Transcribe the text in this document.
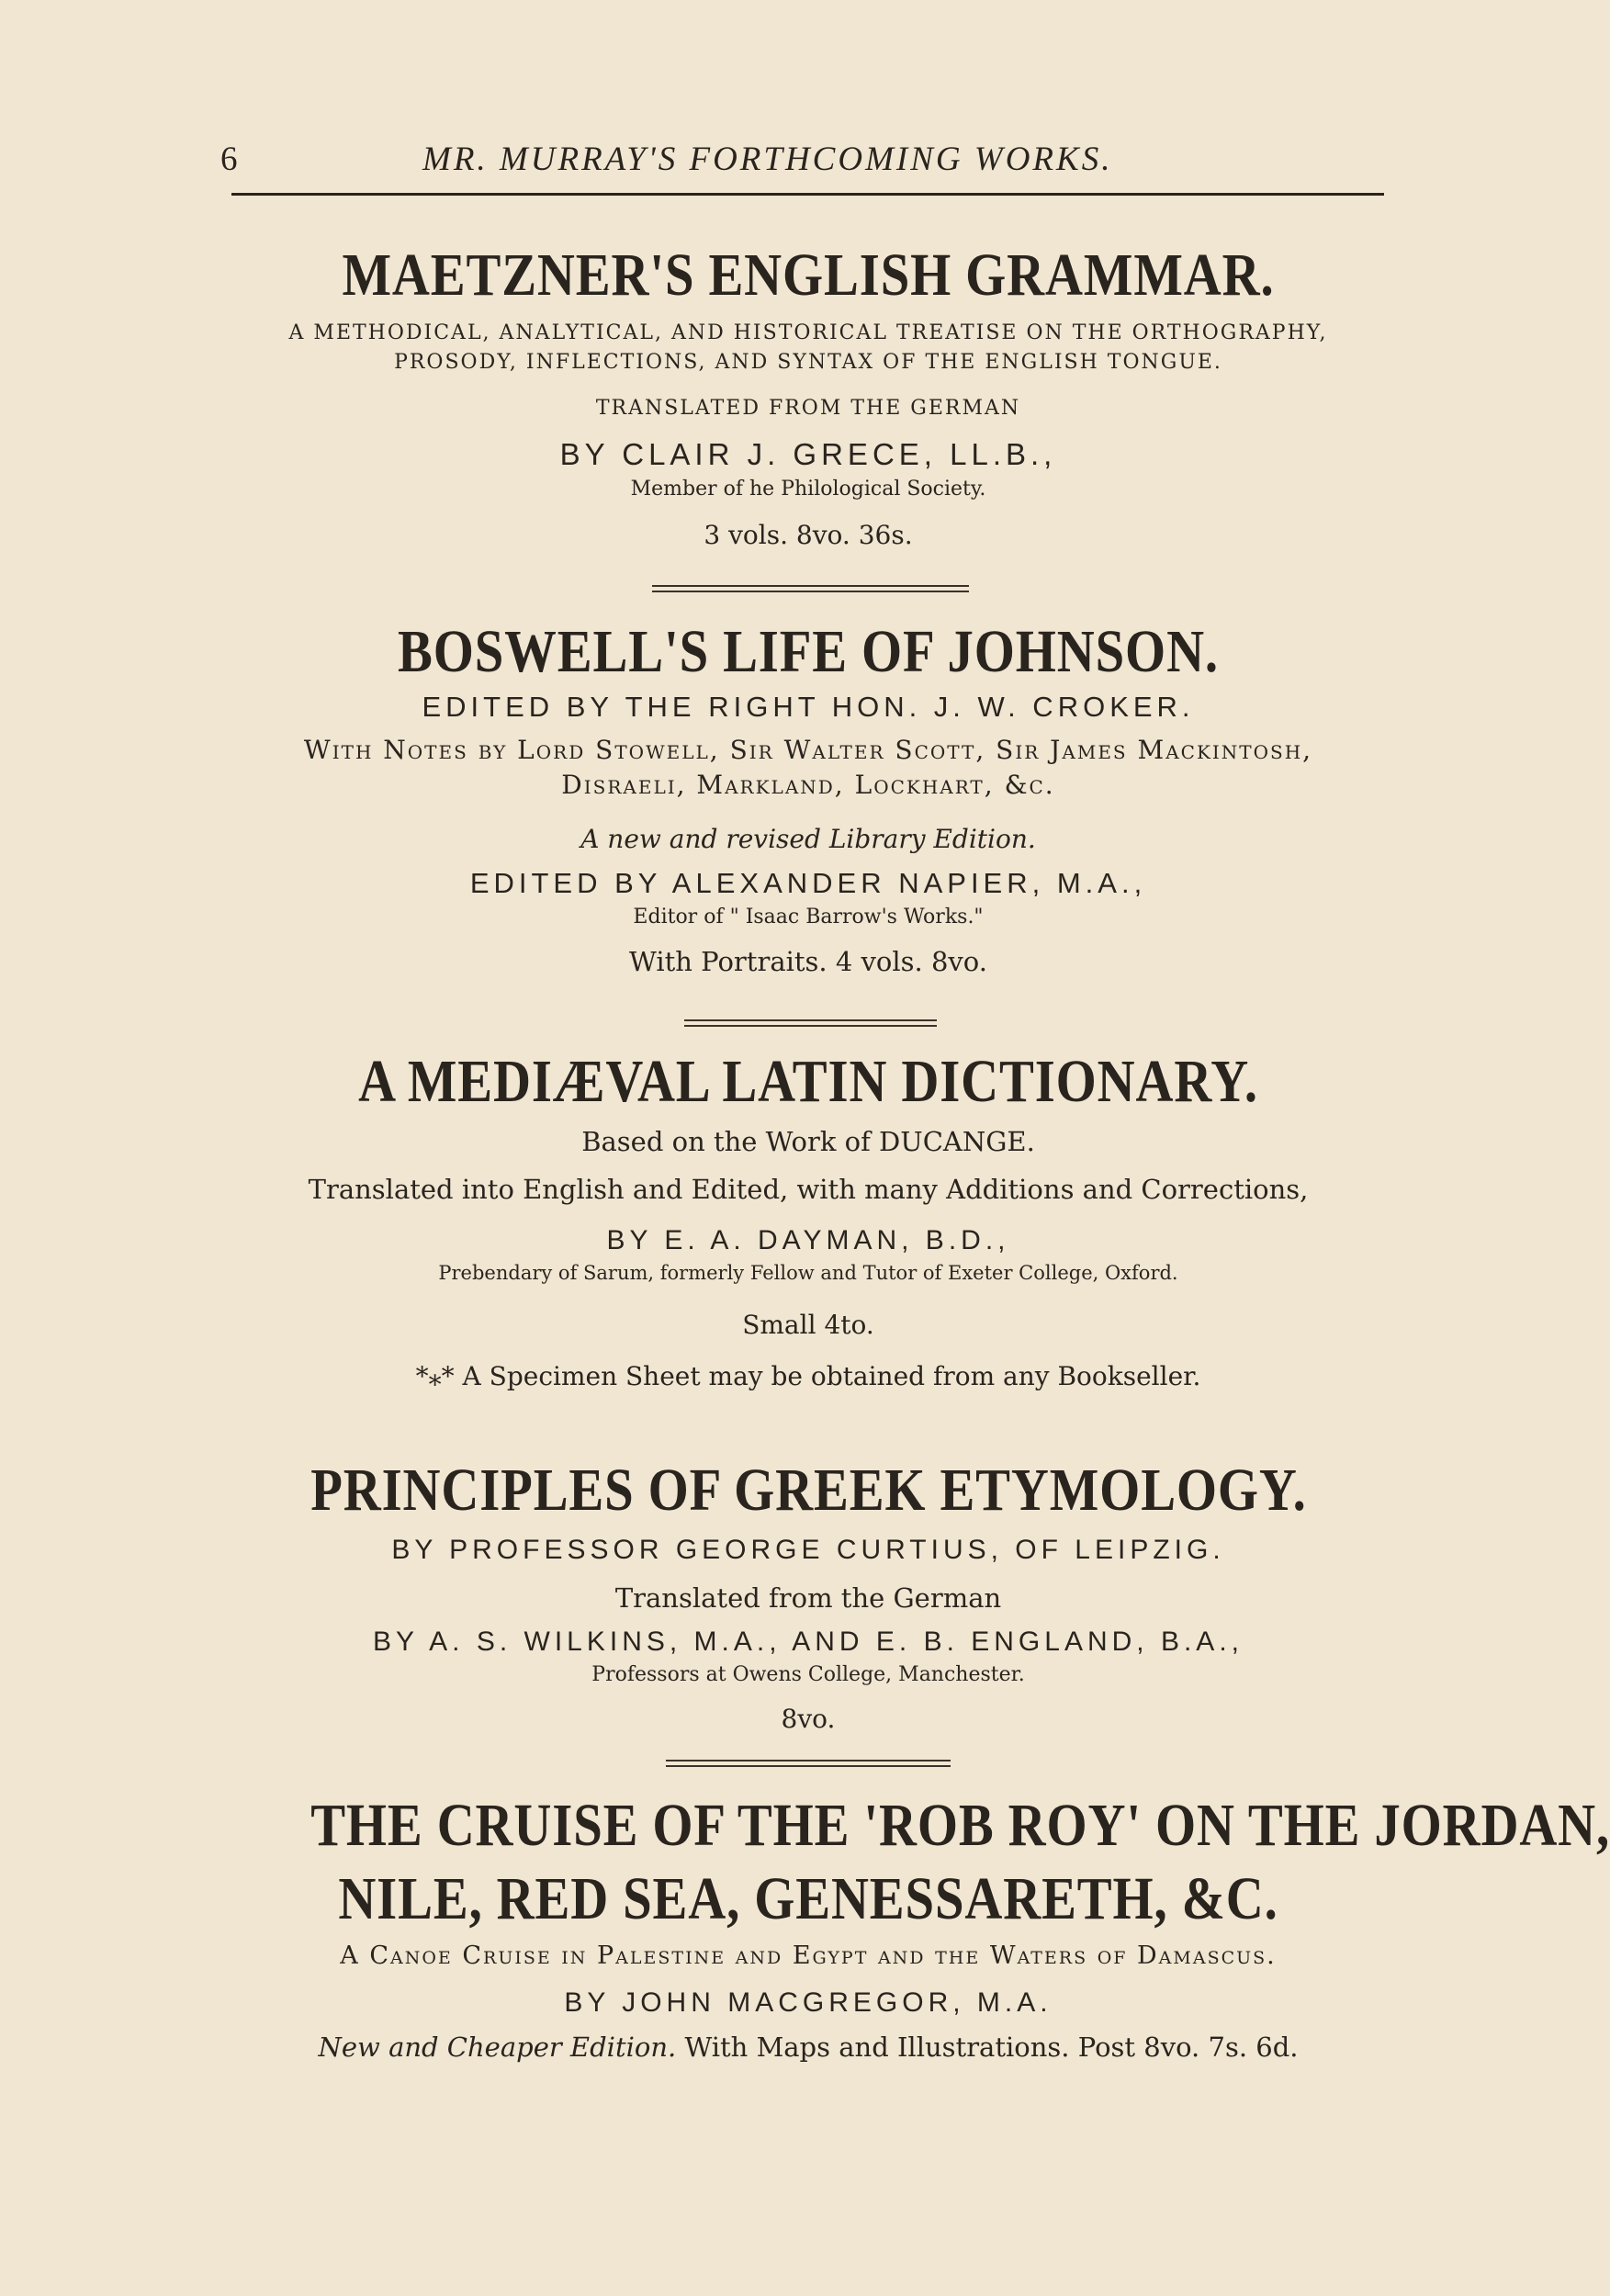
6	MR. MURRAY'S FORTHCOMING WORKS.
MAETZNER'S ENGLISH GRAMMAR.
A METHODICAL, ANALYTICAL, AND HISTORICAL TREATISE ON THE ORTHOGRAPHY,
PROSODY, INFLECTIONS, AND SYNTAX OF THE ENGLISH TONGUE.
TRANSLATED FROM THE GERMAN
BY CLAIR J. GRECE, LL.B.,
Member of he Philological Society.
3 vols. 8vo. 36s.
BOSWELL'S LIFE OF JOHNSON.
EDITED BY THE RIGHT HON. J. W. CROKER.
With Notes by Lord Stowell, Sir Walter Scott, Sir James Mackintosh,
Disraeli, Markland, Lockhart, &c.
A new and revised Library Edition.
EDITED BY ALEXANDER NAPIER, M.A.,
Editor of " Isaac Barrow's Works."
With Portraits. 4 vols. 8vo.
A MEDIÆVAL LATIN DICTIONARY.
Based on the Work of DUCANGE.
Translated into English and Edited, with many Additions and Corrections,
BY E. A. DAYMAN, B.D.,
Prebendary of Sarum, formerly Fellow and Tutor of Exeter College, Oxford.
Small 4to.
*⁎* A Specimen Sheet may be obtained from any Bookseller.
PRINCIPLES OF GREEK ETYMOLOGY.
BY PROFESSOR GEORGE CURTIUS, OF LEIPZIG.
Translated from the German
BY A. S. WILKINS, M.A., AND E. B. ENGLAND, B.A.,
Professors at Owens College, Manchester.
8vo.
THE CRUISE OF THE 'ROB ROY' ON THE JORDAN,
NILE, RED SEA, GENESSARETH, &C.
A Canoe Cruise in Palestine and Egypt and the Waters of Damascus.
BY JOHN MACGREGOR, M.A.
New and Cheaper Edition. With Maps and Illustrations. Post 8vo. 7s. 6d.
